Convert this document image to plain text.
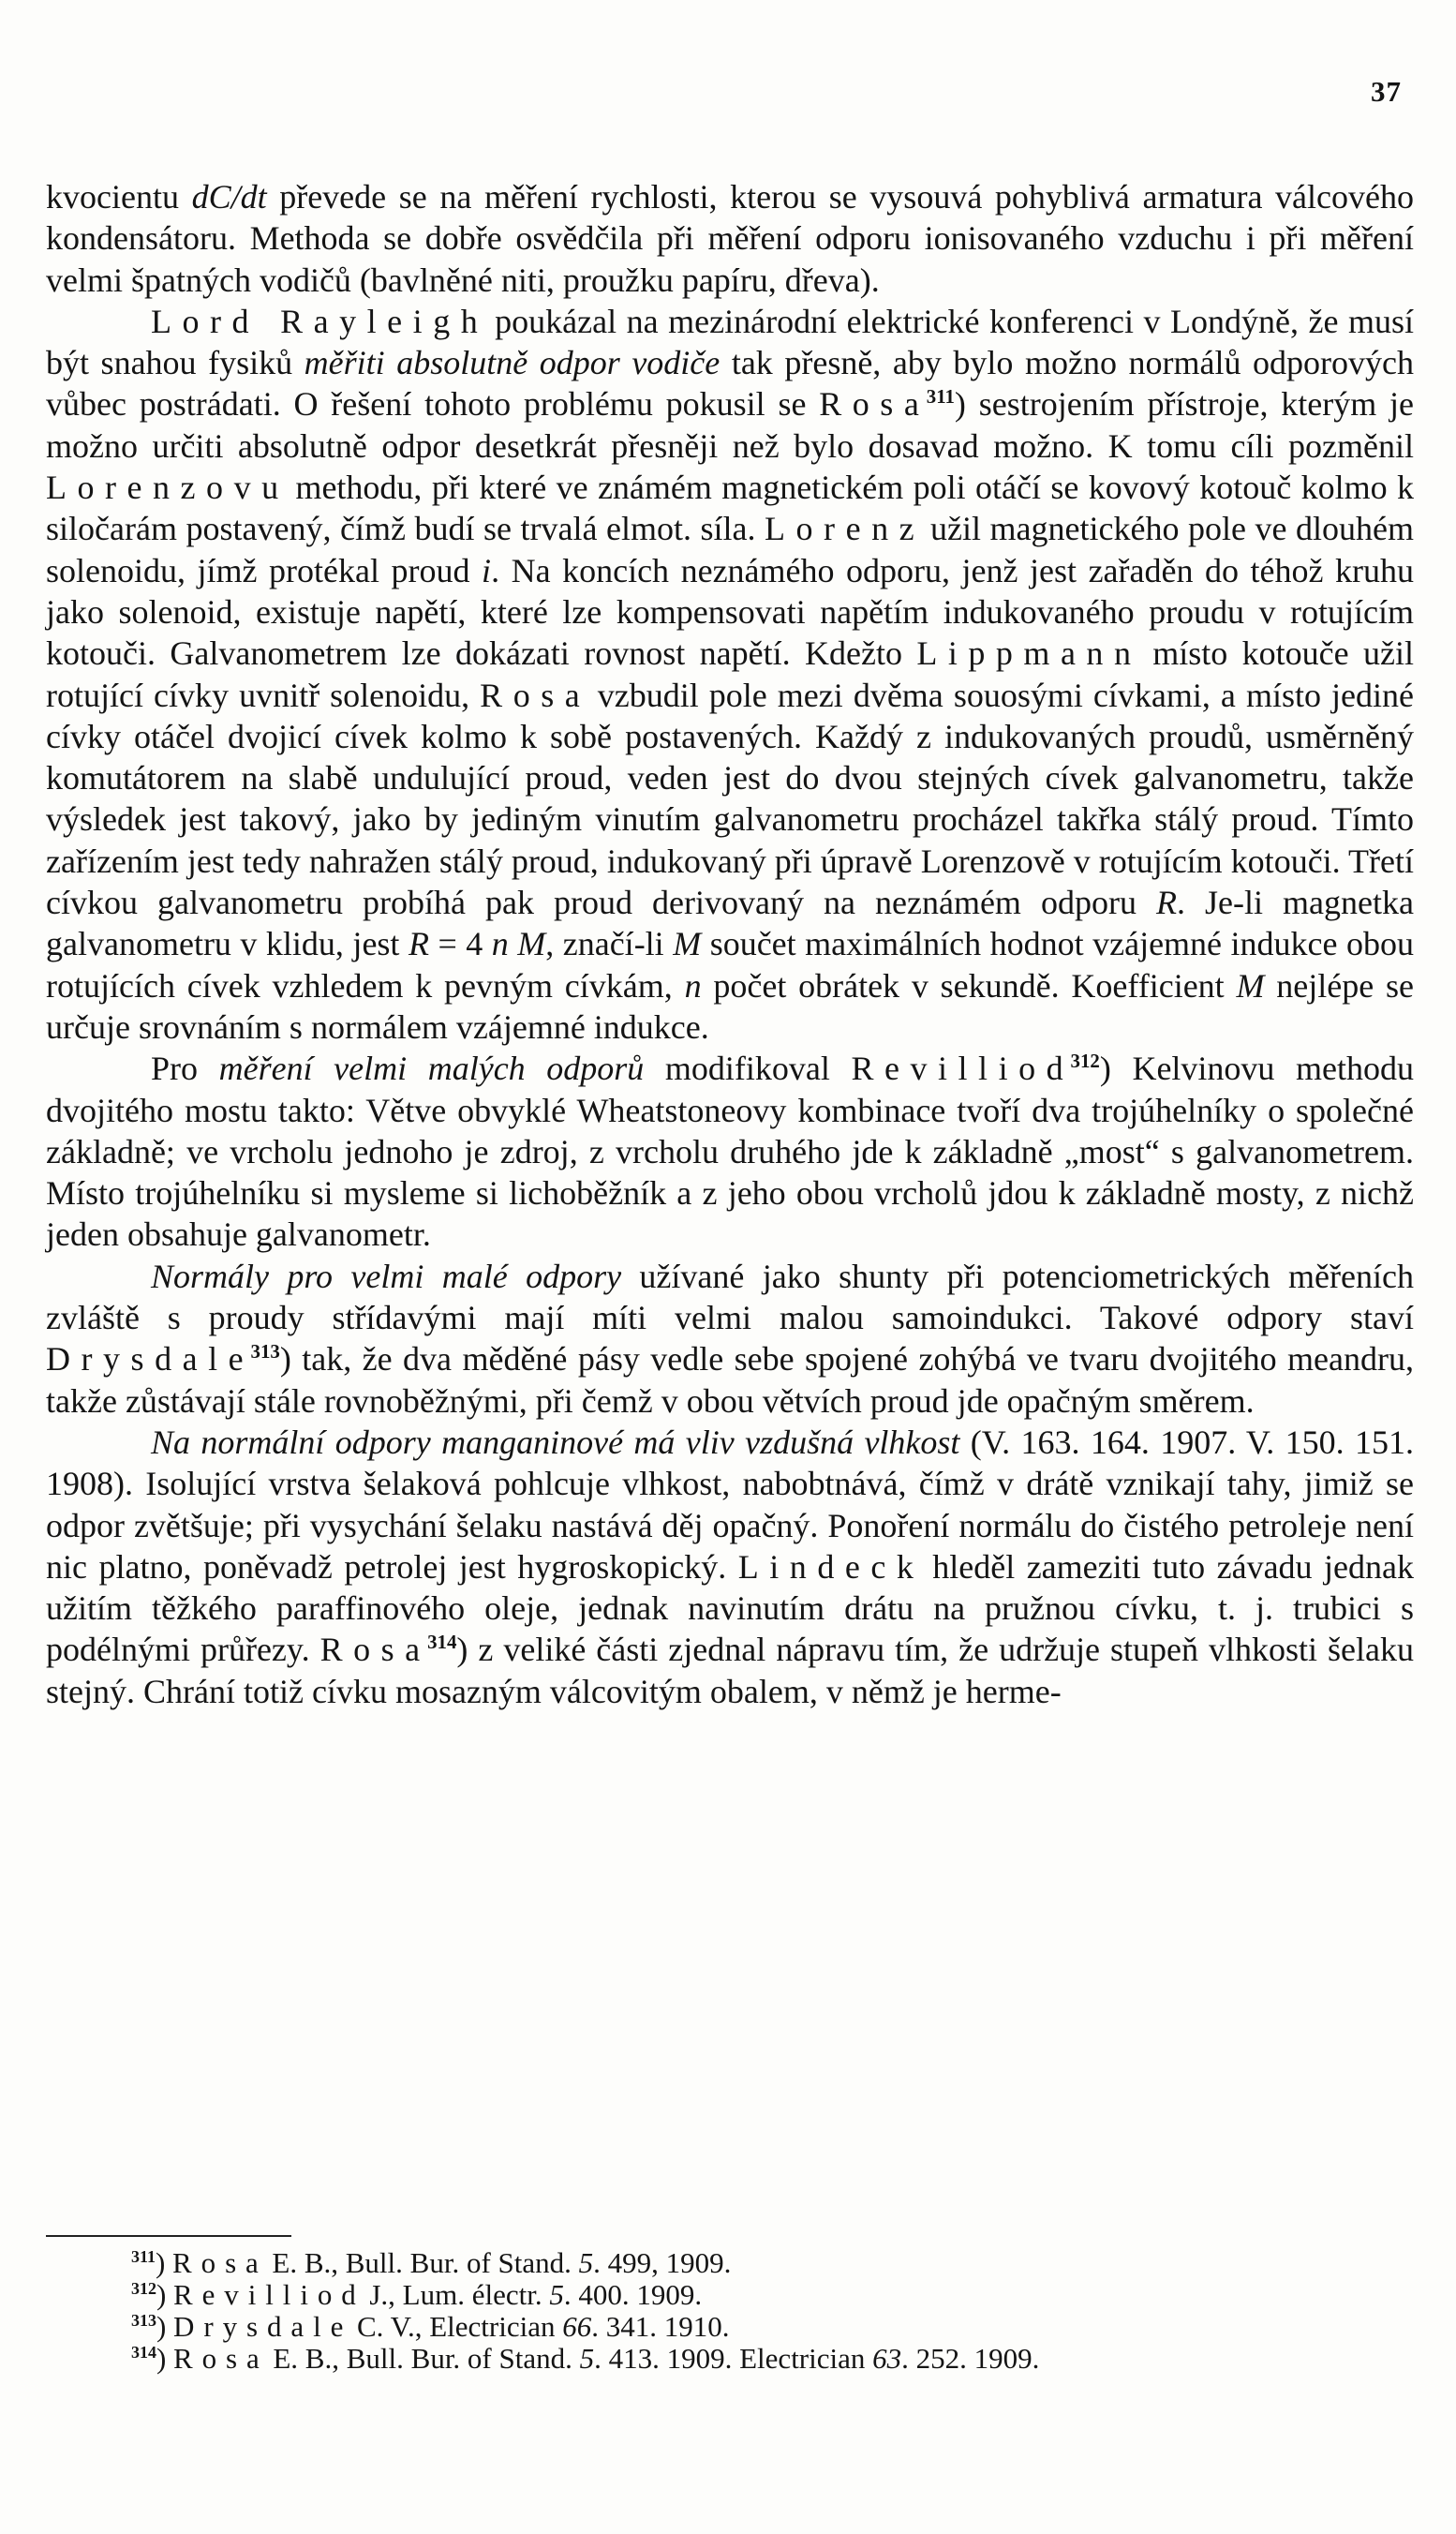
37

kvocientu dC/dt převede se na měření rychlosti, kterou se vysouvá pohyblivá armatura válcového kondensátoru. Methoda se dobře osvědčila při měření odporu ionisovaného vzduchu i při měření velmi špatných vodičů (bavlněné niti, proužku papíru, dřeva).

Lord Rayleigh poukázal na mezinárodní elektrické konferenci v Londýně, že musí být snahou fysiků měřiti absolutně odpor vodiče tak přesně, aby bylo možno normálů odporových vůbec postrádati. O řešení tohoto problému pokusil se Rosa$^{311}$) sestrojením přístroje, kterým je možno určiti absolutně odpor desetkrát přesněji než bylo dosavad možno. K tomu cíli pozměnil Lorenzovu methodu, při které ve známém magnetickém poli otáčí se kovový kotouč kolmo k siločarám postavený, čímž budí se trvalá elmot. síla. Lorenz užil magnetického pole ve dlouhém solenoidu, jímž protékal proud i. Na koncích neznámého odporu, jenž jest zařaděn do téhož kruhu jako solenoid, existuje napětí, které lze kompensovati napětím indukovaného proudu v rotujícím kotouči. Galvanometrem lze dokázati rovnost napětí. Kdežto Lippmann místo kotouče užil rotující cívky uvnitř solenoidu, Rosa vzbudil pole mezi dvěma souosými cívkami, a místo jediné cívky otáčel dvojicí cívek kolmo k sobě postavených. Každý z indukovaných proudů, usměrněný komutátorem na slabě undulující proud, veden jest do dvou stejných cívek galvanometru, takže výsledek jest takový, jako by jediným vinutím galvanometru procházel takřka stálý proud. Tímto zařízením jest tedy nahražen stálý proud, indukovaný při úpravě Lorenzově v rotujícím kotouči. Třetí cívkou galvanometru probíhá pak proud derivovaný na neznámém odporu R. Je-li magnetka galvanometru v klidu, jest R = 4 n M, značí-li M součet maximálních hodnot vzájemné indukce obou rotujících cívek vzhledem k pevným cívkám, n počet obrátek v sekundě. Koefficient M nejlépe se určuje srovnáním s normálem vzájemné indukce.

Pro měření velmi malých odporů modifikoval Revilliod$^{312}$) Kelvinovu methodu dvojitého mostu takto: Větve obvyklé Wheatstoneovy kombinace tvoří dva trojúhelníky o společné základně; ve vrcholu jednoho je zdroj, z vrcholu druhého jde k základně „most“ s galvanometrem. Místo trojúhelníku si mysleme si lichoběžník a z jeho obou vrcholů jdou k základně mosty, z nichž jeden obsahuje galvanometr.

Normály pro velmi malé odpory užívané jako shunty při potenciometrických měřeních zvláště s proudy střídavými mají míti velmi malou samoindukci. Takové odpory staví Drysdale$^{313}$) tak, že dva měděné pásy vedle sebe spojené zohýbá ve tvaru dvojitého meandru, takže zůstávají stále rovnoběžnými, při čemž v obou větvích proud jde opačným směrem.

Na normální odpory manganinové má vliv vzdušná vlhkost (V. 163. 164. 1907. V. 150. 151. 1908). Isolující vrstva šelaková pohlcuje vlhkost, nabobtnává, čímž v drátě vznikají tahy, jimiž se odpor zvětšuje; při vysychání šelaku nastává děj opačný. Ponoření normálu do čistého petroleje není nic platno, poněvadž petrolej jest hygroskopický. Lindeck hleděl zameziti tuto závadu jednak užitím těžkého paraffinového oleje, jednak navinutím drátu na pružnou cívku, t. j. trubici s podélnými průřezy. Rosa$^{314}$) z veliké části zjednal nápravu tím, že udržuje stupeň vlhkosti šelaku stejný. Chrání totiž cívku mosazným válcovitým obalem, v němž je herme-

$^{311}$) Rosa E. B., Bull. Bur. of Stand. 5. 499, 1909.
$^{312}$) Revilliod J., Lum. électr. 5. 400. 1909.
$^{313}$) Drysdale C. V., Electrician 66. 341. 1910.
$^{314}$) Rosa E. B., Bull. Bur. of Stand. 5. 413. 1909. Electrician 63. 252. 1909.
